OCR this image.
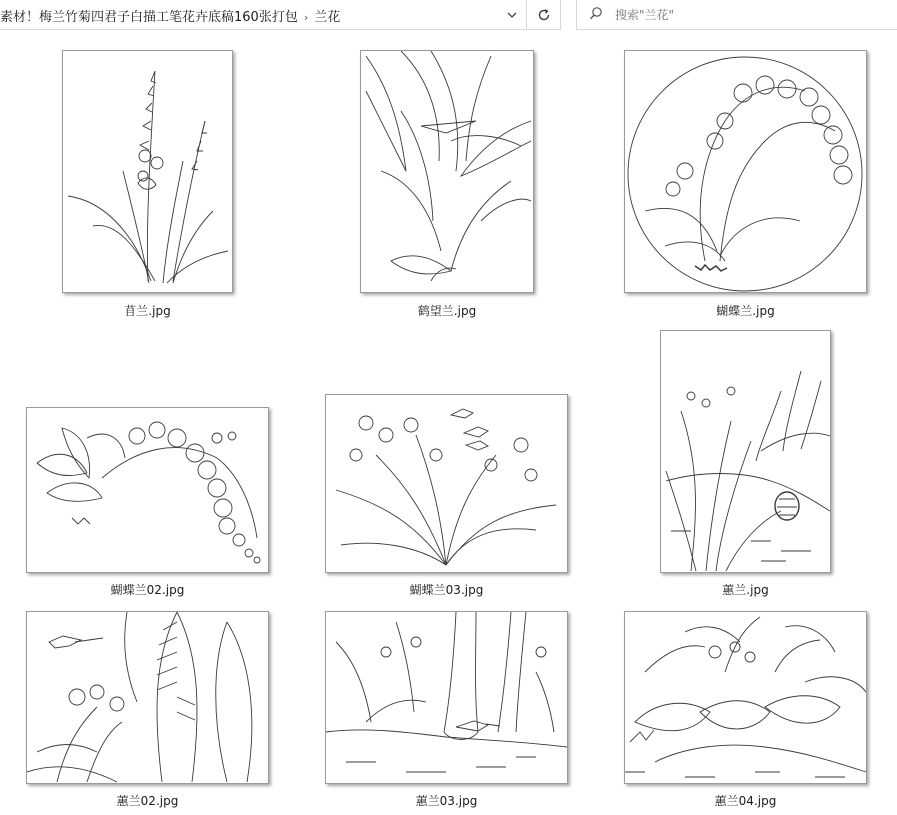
素材！梅兰竹菊四君子白描工笔花卉底稿160张打包 › 兰花
搜索"兰花"
苜兰.jpg	鹤望兰.jpg	蝴蝶兰.jpg
蝴蝶兰02.jpg	蝴蝶兰03.jpg	蕙兰.jpg
蕙兰02.jpg	蕙兰03.jpg	蕙兰04.jpg
